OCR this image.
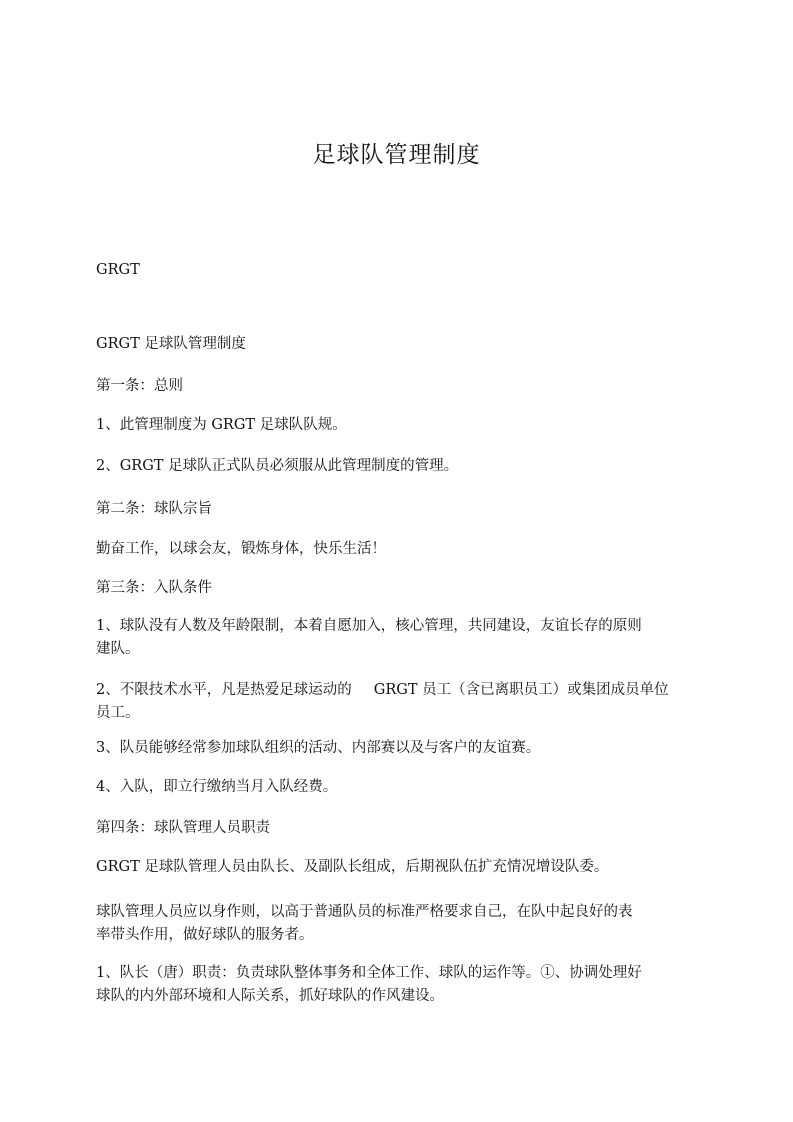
足球队管理制度
GRGT
GRGT 足球队管理制度
第一条：总则
1、此管理制度为 GRGT 足球队队规。
2、GRGT 足球队正式队员必须服从此管理制度的管理。
第二条：球队宗旨
勤奋工作，以球会友，锻炼身体，快乐生活！
第三条：入队条件
1、球队没有人数及年龄限制，本着自愿加入，核心管理，共同建设，友谊长存的原则
建队。
2、不限技术水平，凡是热爱足球运动的 GRGT 员工（含已离职员工）或集团成员单位
员工。
3、队员能够经常参加球队组织的活动、内部赛以及与客户的友谊赛。
4、入队，即立行缴纳当月入队经费。
第四条：球队管理人员职责
GRGT 足球队管理人员由队长、及副队长组成，后期视队伍扩充情况增设队委。
球队管理人员应以身作则，以高于普通队员的标准严格要求自己，在队中起良好的表
率带头作用，做好球队的服务者。
1、队长（唐）职责：负责球队整体事务和全体工作、球队的运作等。①、协调处理好
球队的内外部环境和人际关系，抓好球队的作风建设。
